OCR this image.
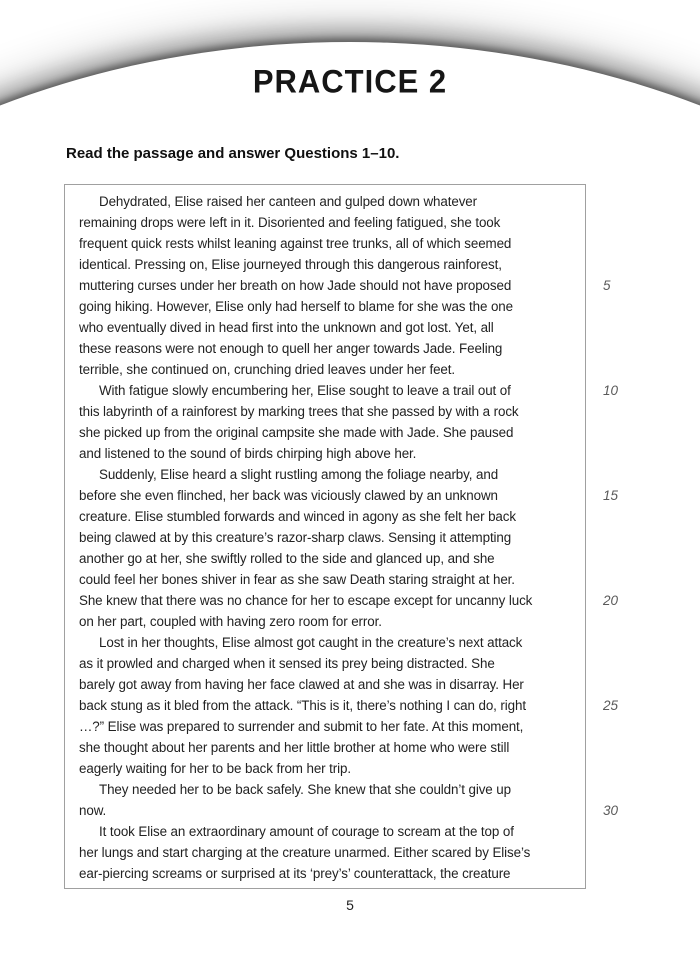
PRACTICE 2
Read the passage and answer Questions 1–10.
Dehydrated, Elise raised her canteen and gulped down whatever
remaining drops were left in it. Disoriented and feeling fatigued, she took
frequent quick rests whilst leaning against tree trunks, all of which seemed
identical. Pressing on, Elise journeyed through this dangerous rainforest,
muttering curses under her breath on how Jade should not have proposed
going hiking. However, Elise only had herself to blame for she was the one
who eventually dived in head first into the unknown and got lost. Yet, all
these reasons were not enough to quell her anger towards Jade. Feeling
terrible, she continued on, crunching dried leaves under her feet.
With fatigue slowly encumbering her, Elise sought to leave a trail out of
this labyrinth of a rainforest by marking trees that she passed by with a rock
she picked up from the original campsite she made with Jade. She paused
and listened to the sound of birds chirping high above her.
Suddenly, Elise heard a slight rustling among the foliage nearby, and
before she even flinched, her back was viciously clawed by an unknown
creature. Elise stumbled forwards and winced in agony as she felt her back
being clawed at by this creature’s razor-sharp claws. Sensing it attempting
another go at her, she swiftly rolled to the side and glanced up, and she
could feel her bones shiver in fear as she saw Death staring straight at her.
She knew that there was no chance for her to escape except for uncanny luck
on her part, coupled with having zero room for error.
Lost in her thoughts, Elise almost got caught in the creature’s next attack
as it prowled and charged when it sensed its prey being distracted. She
barely got away from having her face clawed at and she was in disarray. Her
back stung as it bled from the attack. “This is it, there’s nothing I can do, right
…?” Elise was prepared to surrender and submit to her fate. At this moment,
she thought about her parents and her little brother at home who were still
eagerly waiting for her to be back from her trip.
They needed her to be back safely. She knew that she couldn’t give up
now.
It took Elise an extraordinary amount of courage to scream at the top of
her lungs and start charging at the creature unarmed. Either scared by Elise’s
ear-piercing screams or surprised at its ‘prey’s’ counterattack, the creature
5
10
15
20
25
30
5
